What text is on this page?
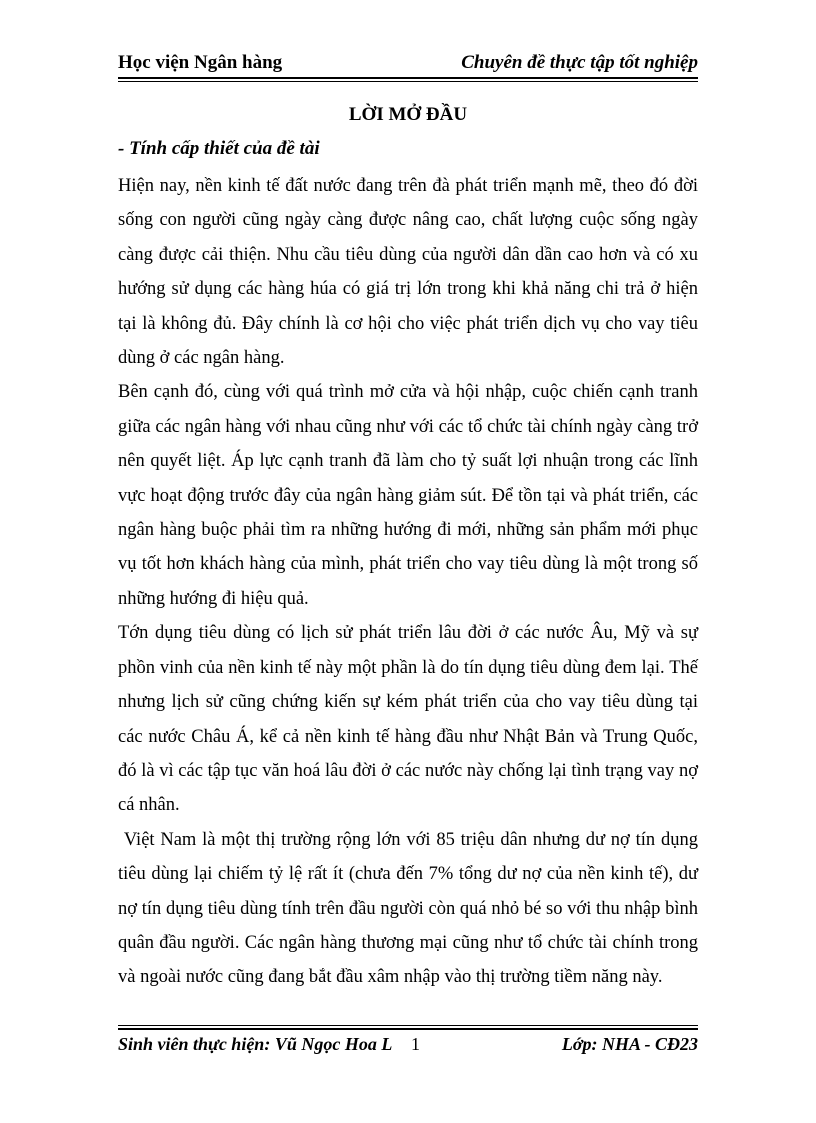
Học viện Ngân hàng	Chuyên đề thực tập tốt nghiệp
LỜI MỞ ĐẦU
- Tính cấp thiết của đề tài

Hiện nay, nền kinh tế đất nước đang trên đà phát triển mạnh mẽ, theo đó đời sống con người cũng ngày càng được nâng cao, chất lượng cuộc sống ngày càng được cải thiện. Nhu cầu tiêu dùng của người dân dần cao hơn và có xu hướng sử dụng các hàng húa có giá trị lớn trong khi khả năng chi trả ở hiện tại là không đủ. Đây chính là cơ hội cho việc phát triển dịch vụ cho vay tiêu dùng ở các ngân hàng.

Bên cạnh đó, cùng với quá trình mở cửa và hội nhập, cuộc chiến cạnh tranh giữa các ngân hàng với nhau cũng như với các tổ chức tài chính ngày càng trở nên quyết liệt. Áp lực cạnh tranh đã làm cho tỷ suất lợi nhuận trong các lĩnh vực hoạt động trước đây của ngân hàng giảm sút. Để tồn tại và phát triển, các ngân hàng buộc phải tìm ra những hướng đi mới, những sản phẩm mới phục vụ tốt hơn khách hàng của mình, phát triển cho vay tiêu dùng là một trong số những hướng đi hiệu quả.

Tớn dụng tiêu dùng có lịch sử phát triển lâu đời ở các nước Âu, Mỹ và sự phồn vinh của nền kinh tế này một phần là do tín dụng tiêu dùng đem lại. Thế nhưng lịch sử cũng chứng kiến sự kém phát triển của cho vay tiêu dùng tại các nước Châu Á, kể cả nền kinh tế hàng đầu như Nhật Bản và Trung Quốc, đó là vì các tập tục văn hoá lâu đời ở các nước này chống lại tình trạng vay nợ cá nhân.

Việt Nam là một thị trường rộng lớn với 85 triệu dân nhưng dư nợ tín dụng tiêu dùng lại chiếm tỷ lệ rất ít (chưa đến 7% tổng dư nợ của nền kinh tế), dư nợ tín dụng tiêu dùng tính trên đầu người còn quá nhỏ bé so với thu nhập bình quân đầu người. Các ngân hàng thương mại cũng như tổ chức tài chính trong và ngoài nước cũng đang bắt đầu xâm nhập vào thị trường tiềm năng này.

Sinh viên thực hiện: Vũ Ngọc Hoa L 1	Lớp: NHA - CĐ23
